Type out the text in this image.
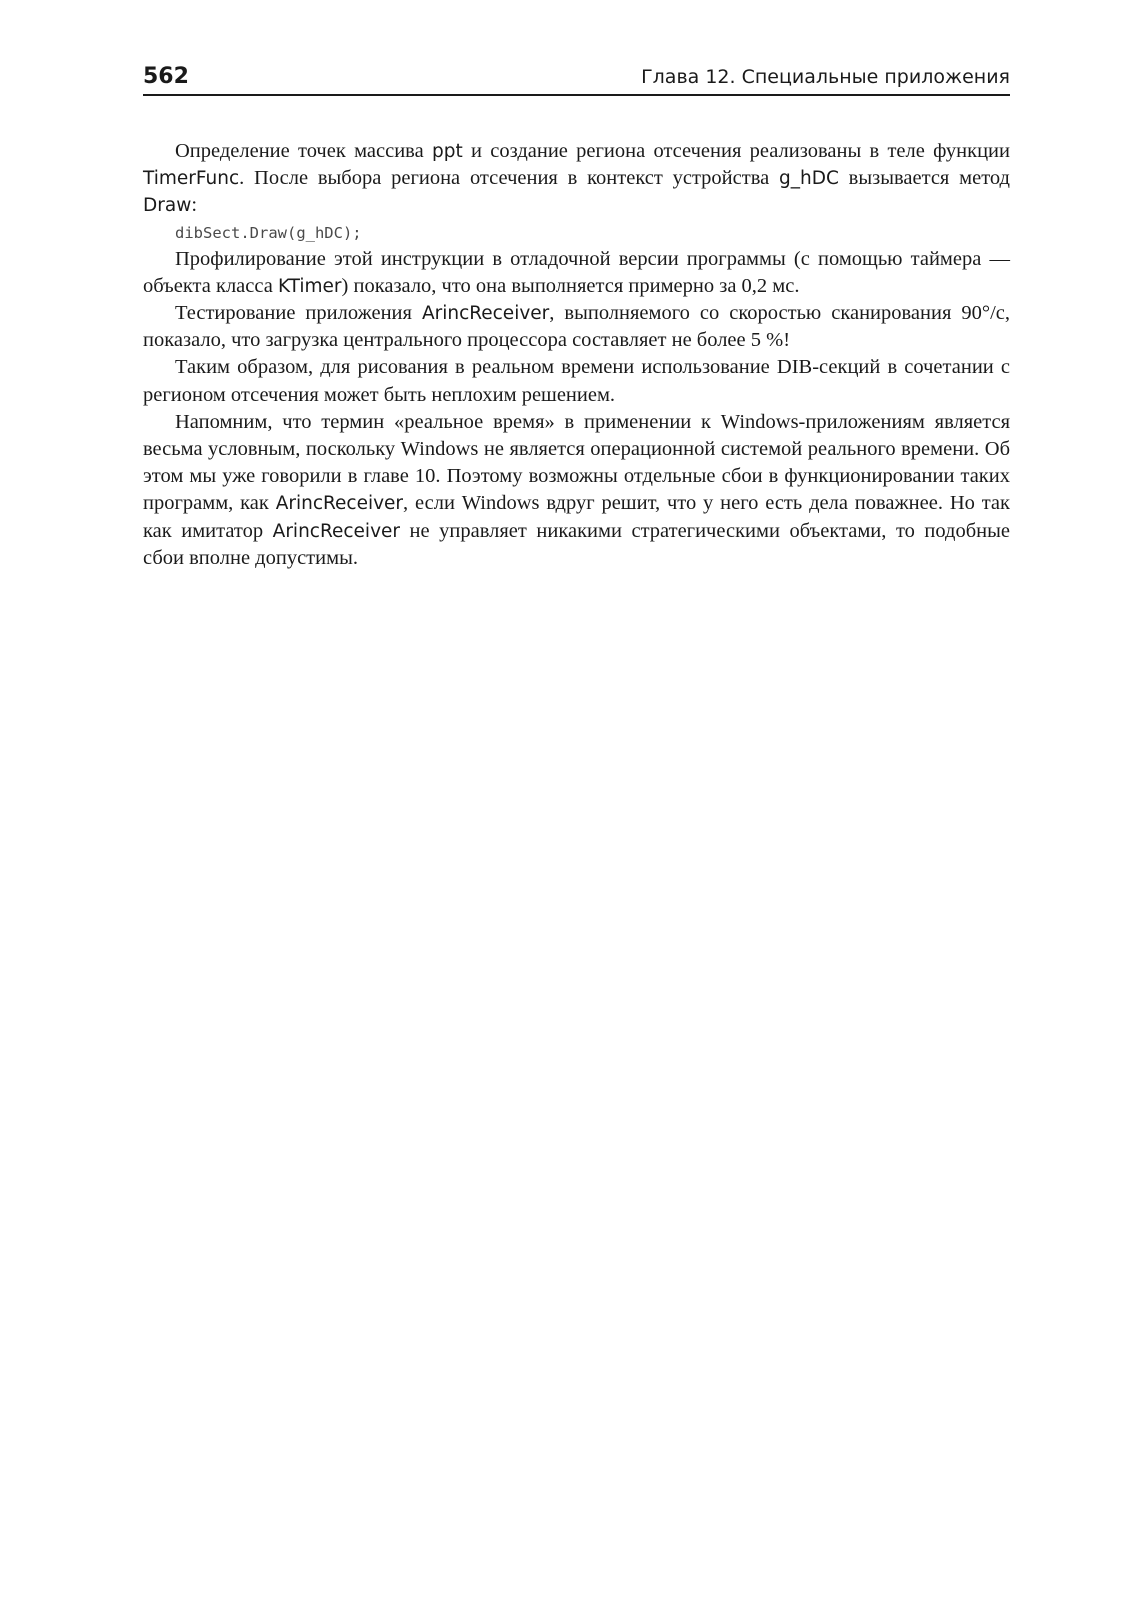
562	Глава 12. Специальные приложения

Определение точек массива ppt и создание региона отсечения реализованы в теле функции TimerFunc. После выбора региона отсечения в контекст устройства g_hDC вызывается метод Draw:

dibSect.Draw(g_hDC);

Профилирование этой инструкции в отладочной версии программы (с помощью таймера — объекта класса KTimer) показало, что она выполняется примерно за 0,2 мс.

Тестирование приложения ArincReceiver, выполняемого со скоростью сканирования 90°/с, показало, что загрузка центрального процессора составляет не более 5 %!

Таким образом, для рисования в реальном времени использование DIB-секций в сочетании с регионом отсечения может быть неплохим решением.

Напомним, что термин «реальное время» в применении к Windows-приложениям является весьма условным, поскольку Windows не является операционной системой реального времени. Об этом мы уже говорили в главе 10. Поэтому возможны отдельные сбои в функционировании таких программ, как ArincReceiver, если Windows вдруг решит, что у него есть дела поважнее. Но так как имитатор ArincReceiver не управляет никакими стратегическими объектами, то подобные сбои вполне допустимы.
